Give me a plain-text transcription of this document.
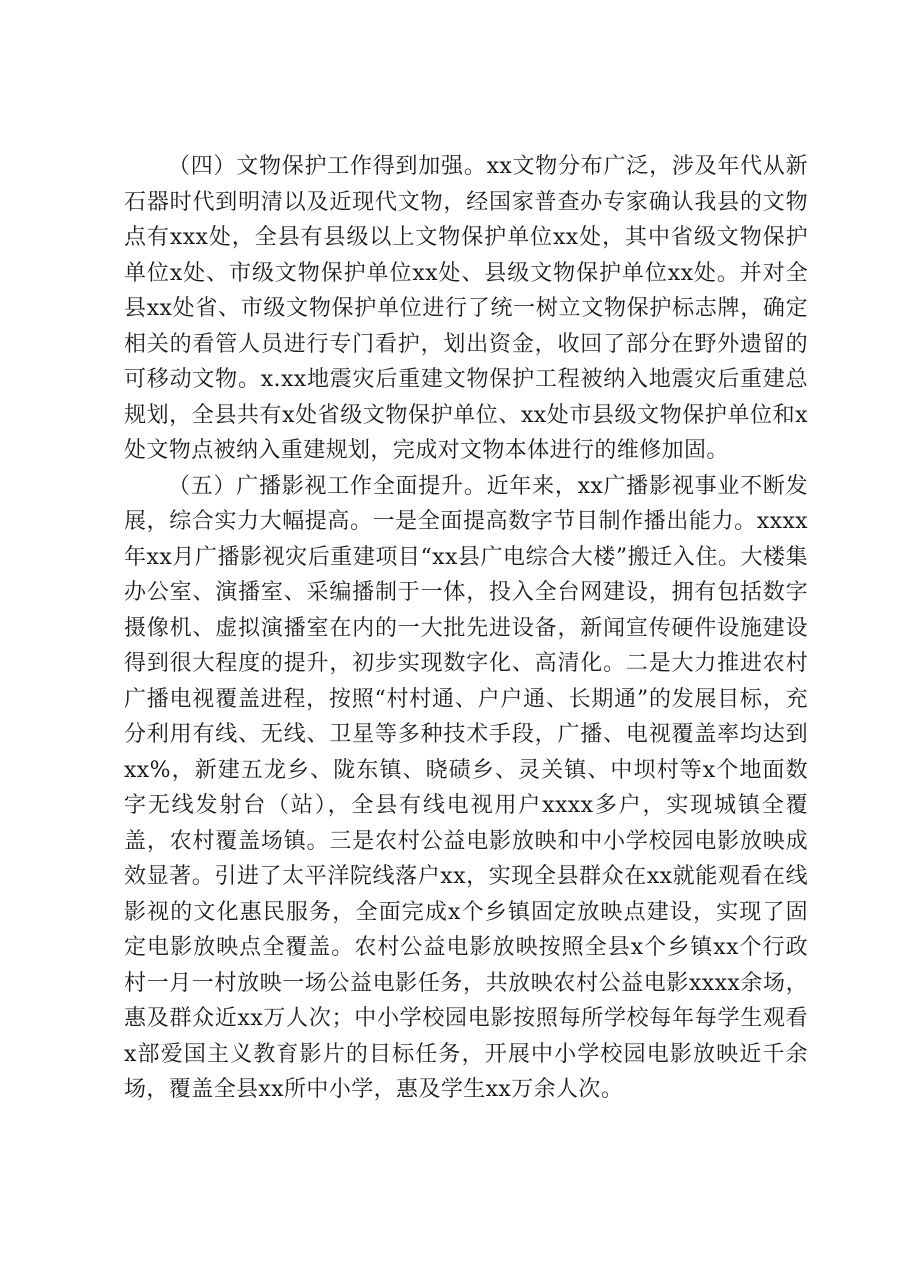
（四）文物保护工作得到加强。xx文物分布广泛，涉及年代从新石器时代到明清以及近现代文物，经国家普查办专家确认我县的文物点有xxx处，全县有县级以上文物保护单位xx处，其中省级文物保护单位x处、市级文物保护单位xx处、县级文物保护单位xx处。并对全县xx处省、市级文物保护单位进行了统一树立文物保护标志牌，确定相关的看管人员进行专门看护，划出资金，收回了部分在野外遗留的可移动文物。x.xx地震灾后重建文物保护工程被纳入地震灾后重建总规划，全县共有x处省级文物保护单位、xx处市县级文物保护单位和x处文物点被纳入重建规划，完成对文物本体进行的维修加固。

（五）广播影视工作全面提升。近年来，xx广播影视事业不断发展，综合实力大幅提高。一是全面提高数字节目制作播出能力。xxxx年xx月广播影视灾后重建项目“xx县广电综合大楼”搬迁入住。大楼集办公室、演播室、采编播制于一体，投入全台网建设，拥有包括数字摄像机、虚拟演播室在内的一大批先进设备，新闻宣传硬件设施建设得到很大程度的提升，初步实现数字化、高清化。二是大力推进农村广播电视覆盖进程，按照“村村通、户户通、长期通”的发展目标，充分利用有线、无线、卫星等多种技术手段，广播、电视覆盖率均达到xx%，新建五龙乡、陇东镇、晓碛乡、灵关镇、中坝村等x个地面数字无线发射台（站），全县有线电视用户xxxx多户，实现城镇全覆盖，农村覆盖场镇。三是农村公益电影放映和中小学校园电影放映成效显著。引进了太平洋院线落户xx，实现全县群众在xx就能观看在线影视的文化惠民服务，全面完成x个乡镇固定放映点建设，实现了固定电影放映点全覆盖。农村公益电影放映按照全县x个乡镇xx个行政村一月一村放映一场公益电影任务，共放映农村公益电影xxxx余场，惠及群众近xx万人次；中小学校园电影按照每所学校每年每学生观看x部爱国主义教育影片的目标任务，开展中小学校园电影放映近千余场，覆盖全县xx所中小学，惠及学生xx万余人次。
